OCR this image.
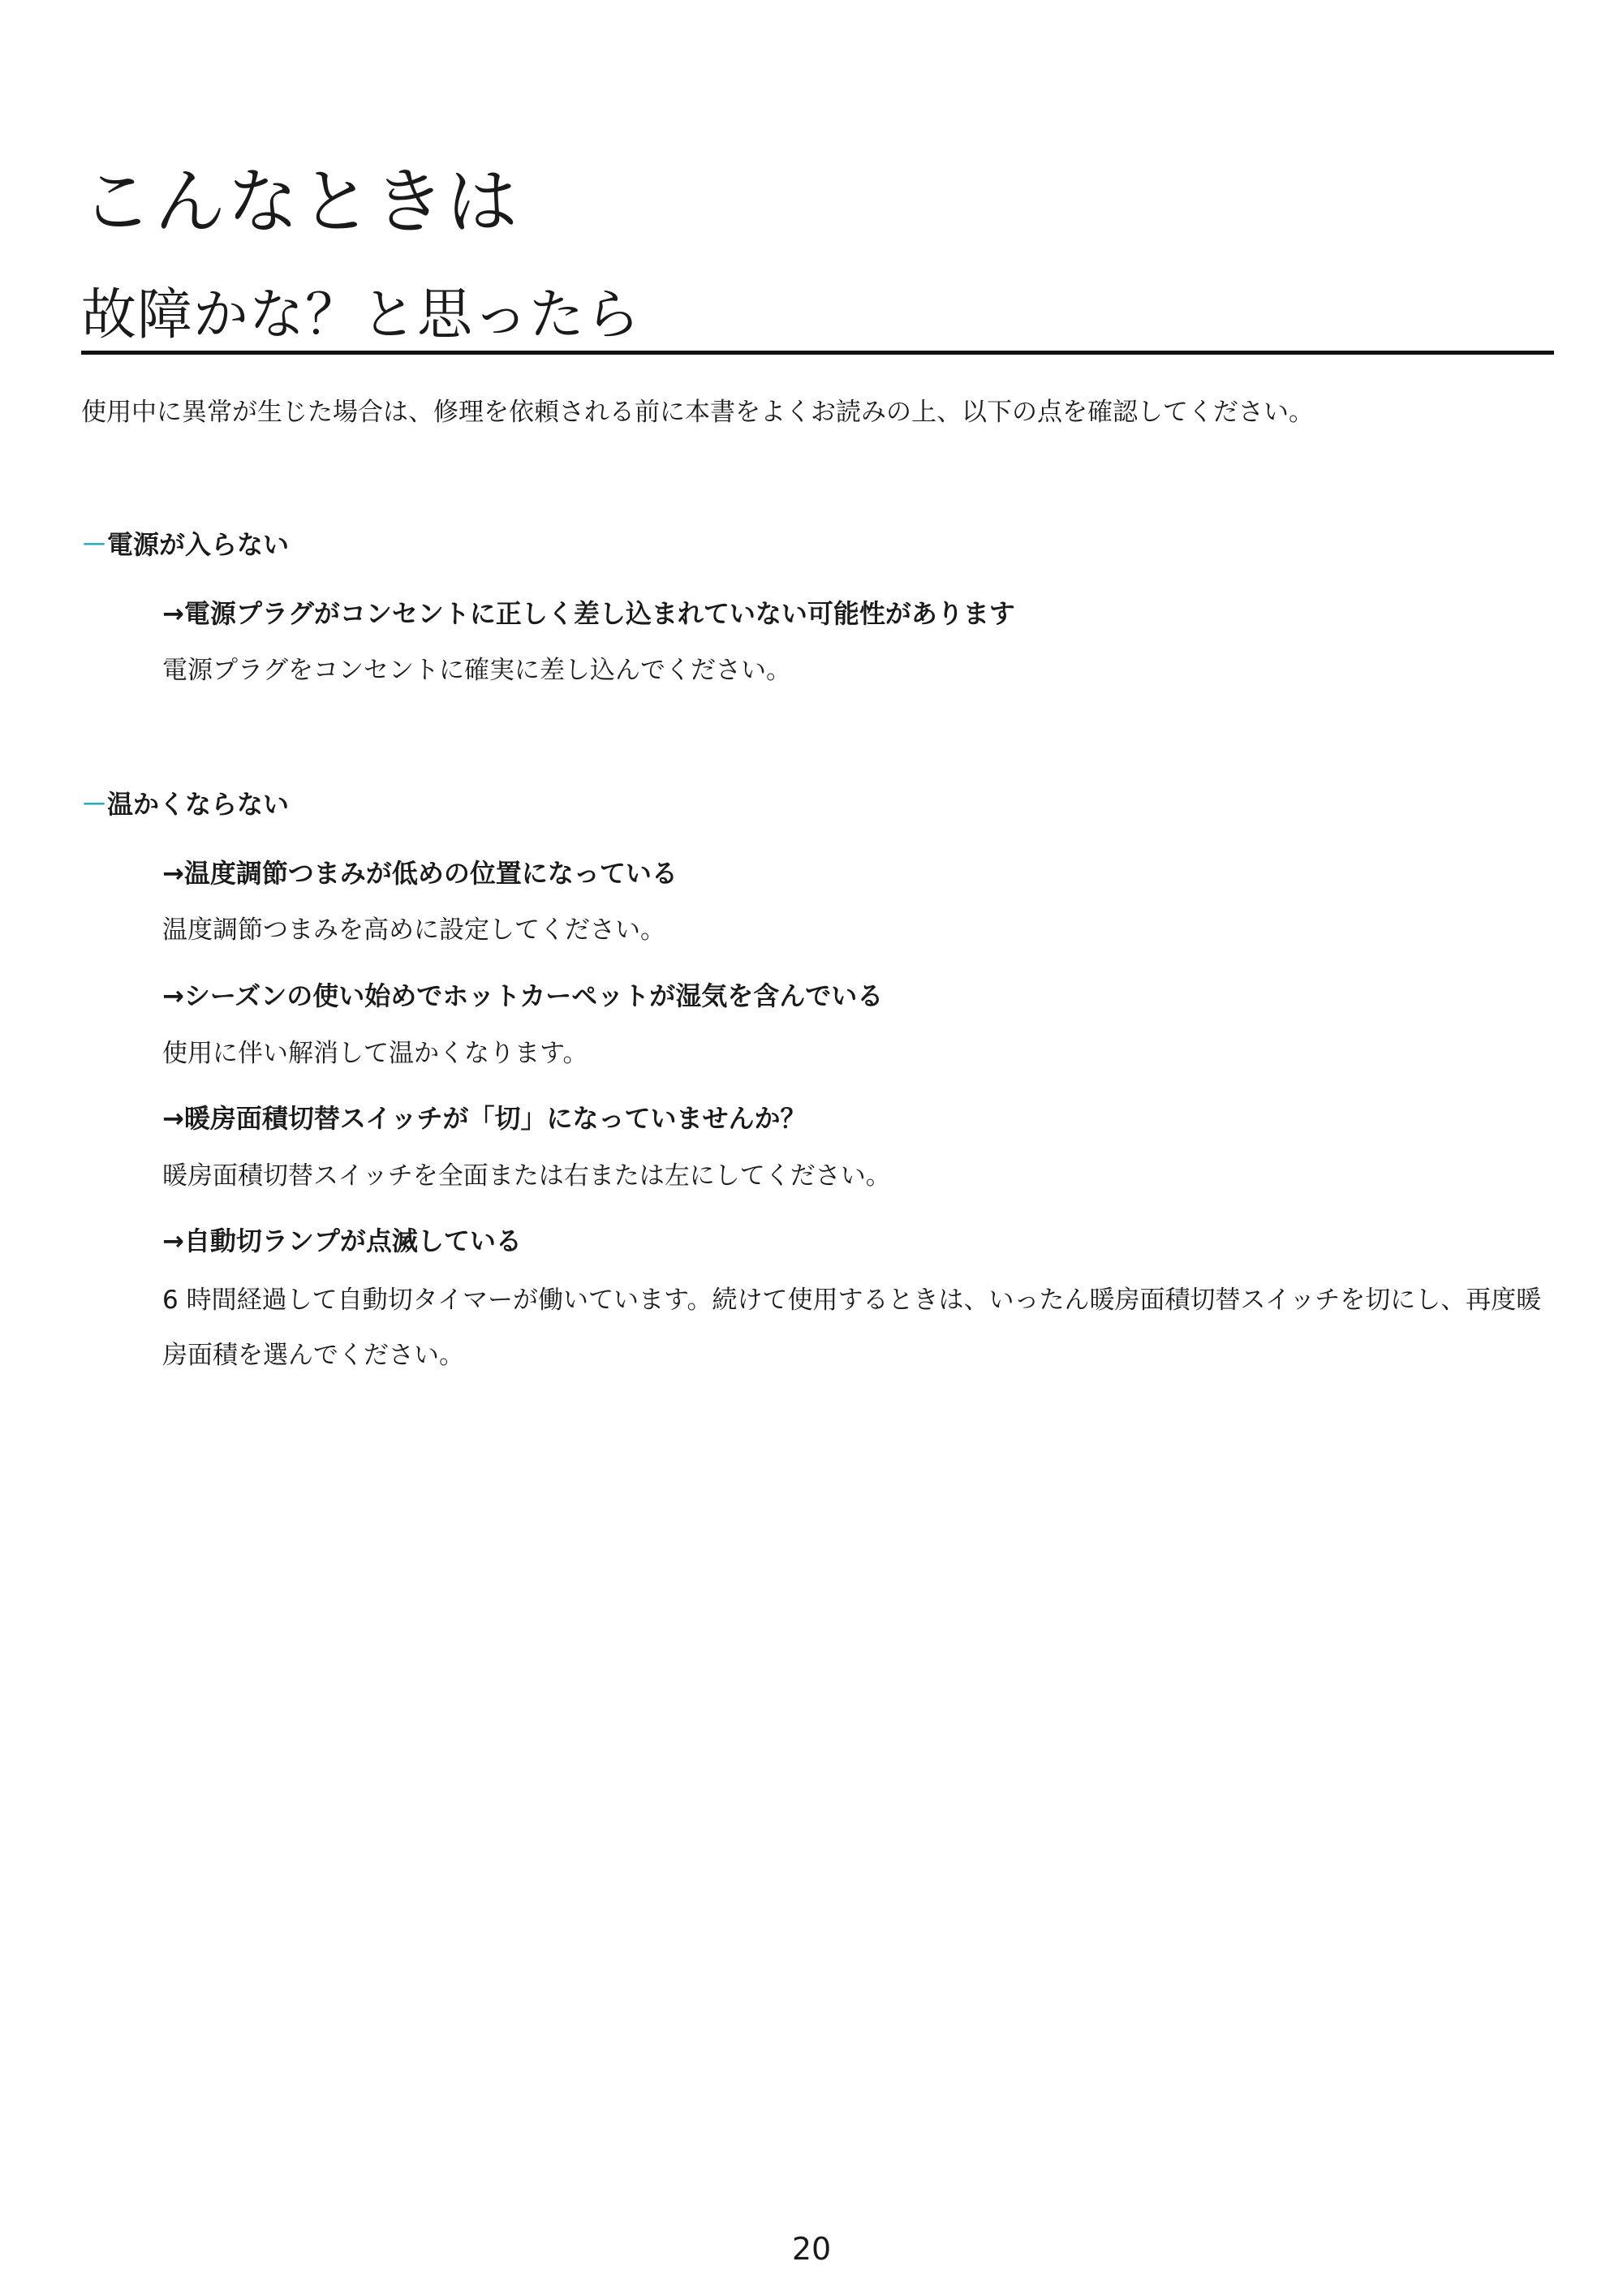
こんなときは
故障かな？と思ったら

使用中に異常が生じた場合は、修理を依頼される前に本書をよくお読みの上、以下の点を確認してください。

－電源が入らない

→電源プラグがコンセントに正しく差し込まれていない可能性があります

電源プラグをコンセントに確実に差し込んでください。

－温かくならない

→温度調節つまみが低めの位置になっている

温度調節つまみを高めに設定してください。

→シーズンの使い始めでホットカーペットが湿気を含んでいる

使用に伴い解消して温かくなります。

→暖房面積切替スイッチが「切」になっていませんか？

暖房面積切替スイッチを全面または右または左にしてください。

→自動切ランプが点滅している

6 時間経過して自動切タイマーが働いています。続けて使用するときは、いったん暖房面積切替スイッチを切にし、再度暖房面積を選んでください。

20
